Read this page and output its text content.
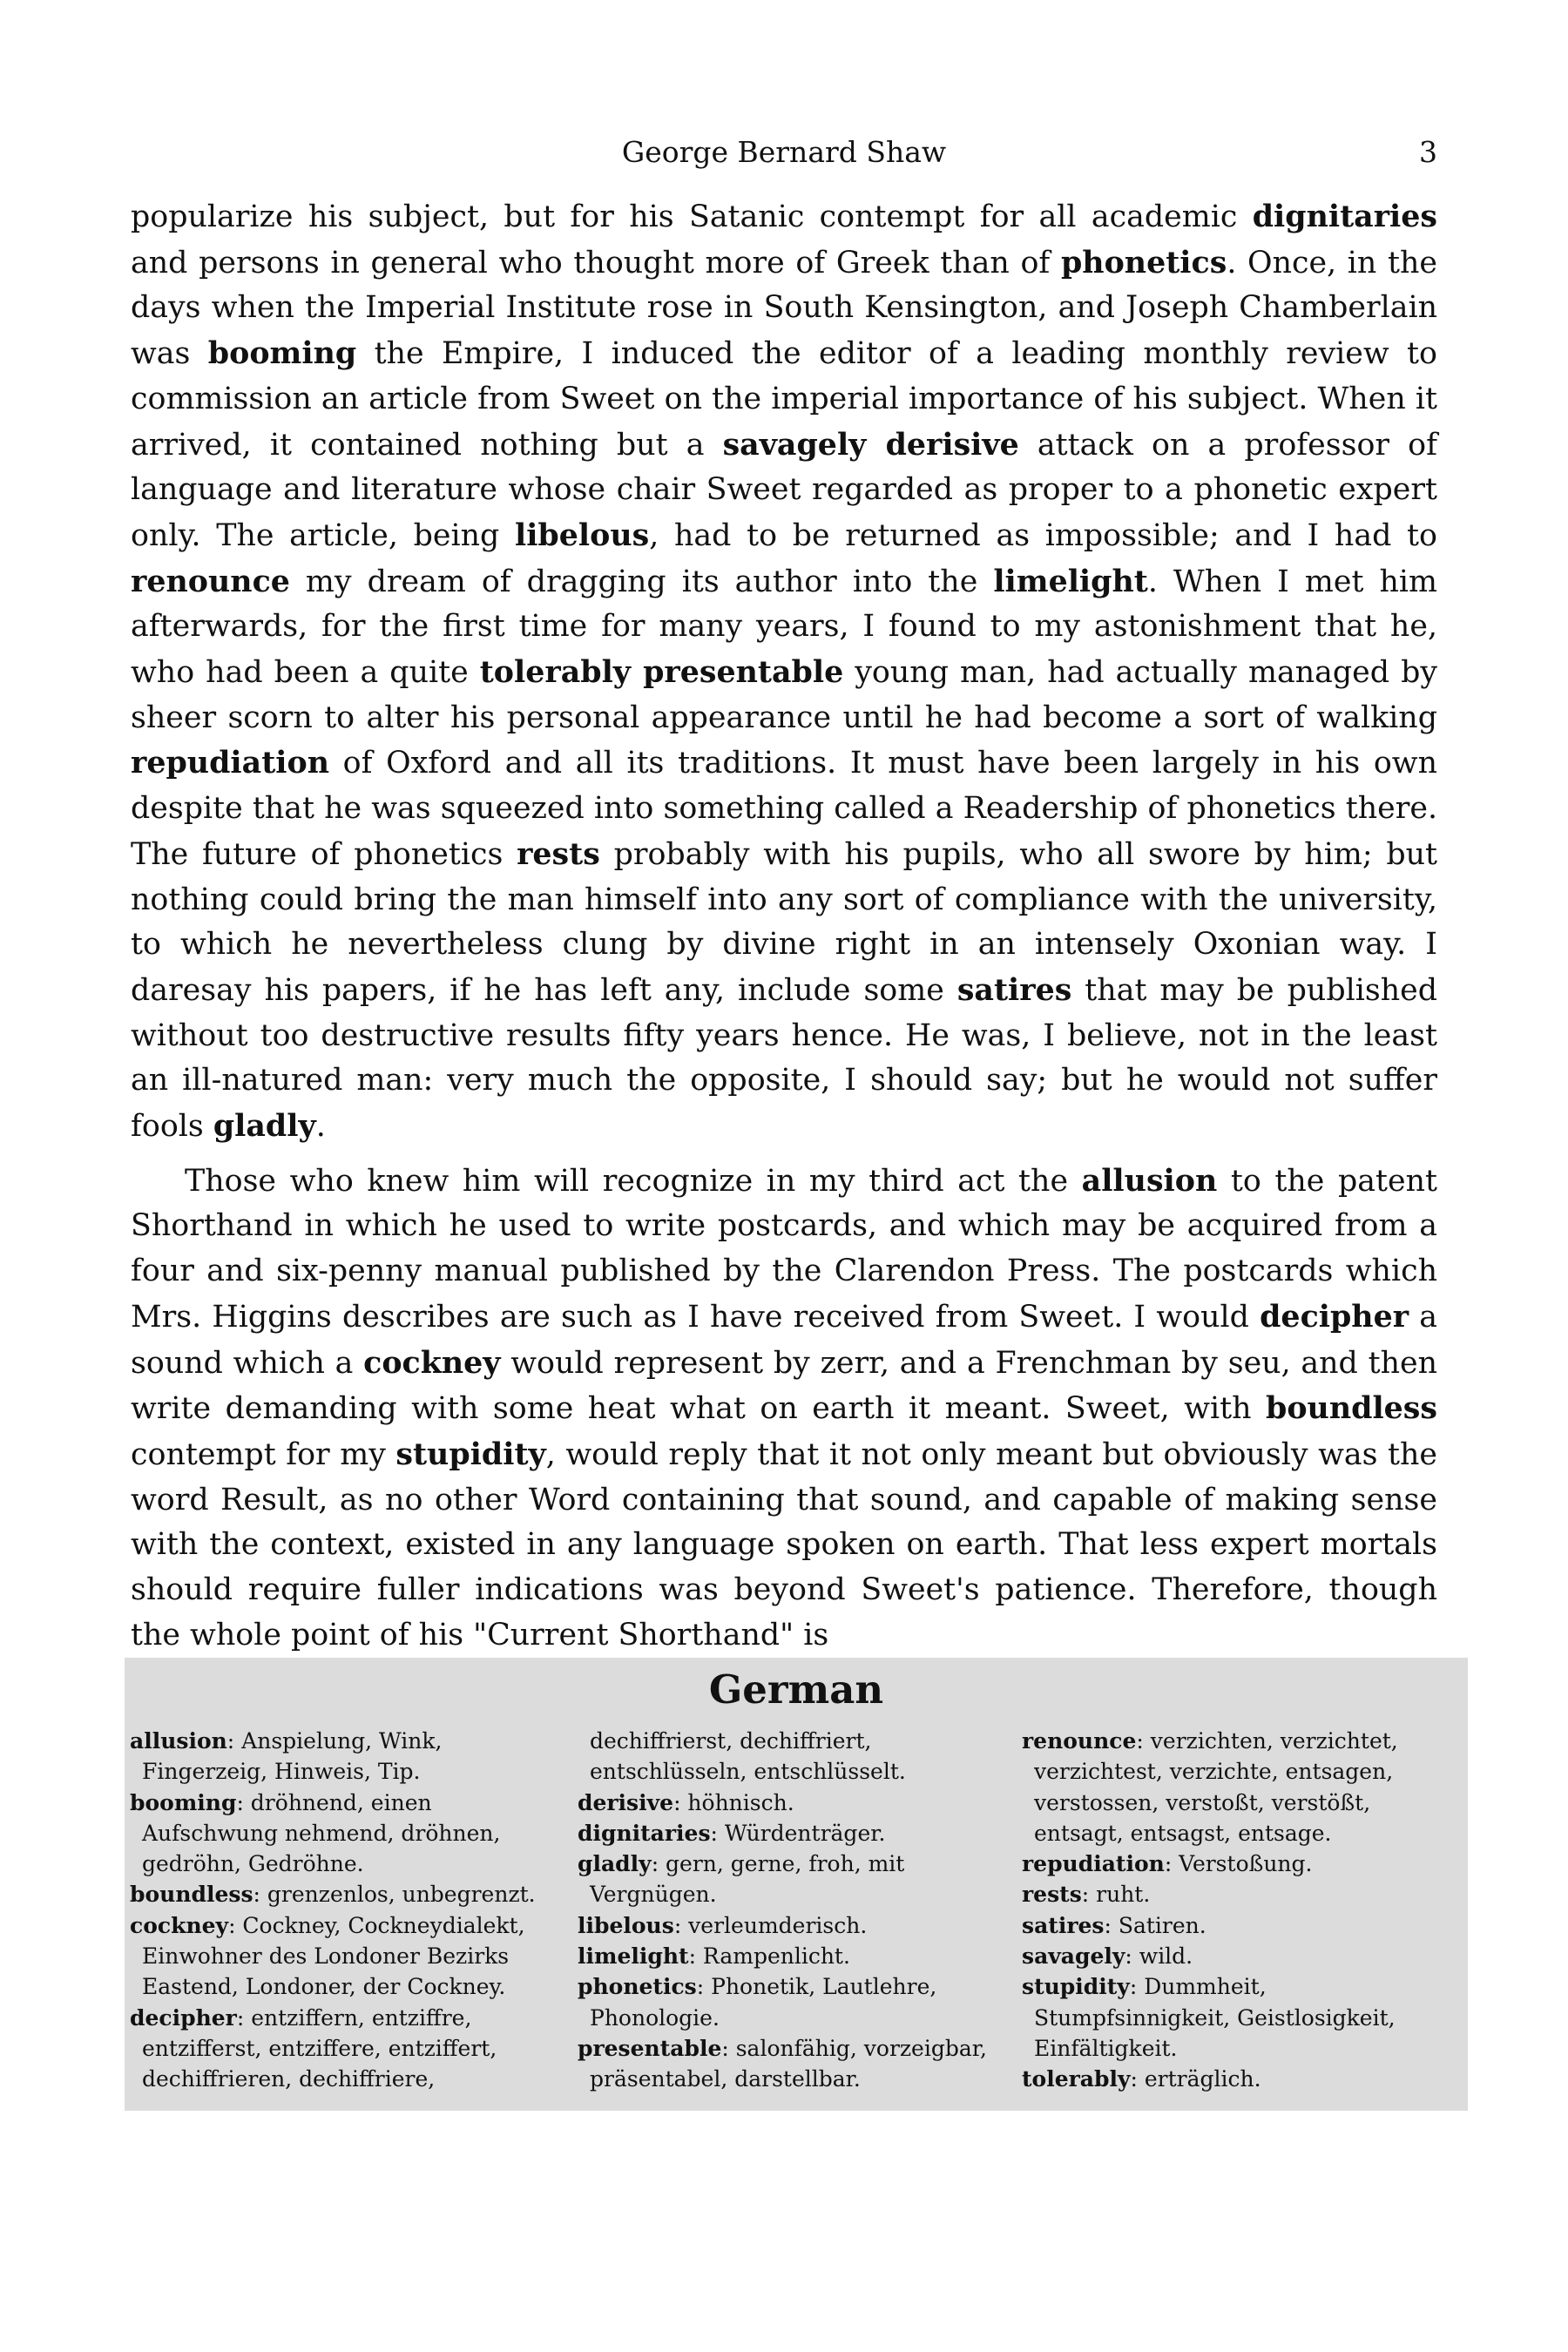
George Bernard Shaw	3

popularize his subject, but for his Satanic contempt for all academic dignitaries and persons in general who thought more of Greek than of phonetics. Once, in the days when the Imperial Institute rose in South Kensington, and Joseph Chamberlain was booming the Empire, I induced the editor of a leading monthly review to commission an article from Sweet on the imperial importance of his subject. When it arrived, it contained nothing but a savagely derisive attack on a professor of language and literature whose chair Sweet regarded as proper to a phonetic expert only. The article, being libelous, had to be returned as impossible; and I had to renounce my dream of dragging its author into the limelight. When I met him afterwards, for the first time for many years, I found to my astonishment that he, who had been a quite tolerably presentable young man, had actually managed by sheer scorn to alter his personal appearance until he had become a sort of walking repudiation of Oxford and all its traditions. It must have been largely in his own despite that he was squeezed into something called a Readership of phonetics there. The future of phonetics rests probably with his pupils, who all swore by him; but nothing could bring the man himself into any sort of compliance with the university, to which he nevertheless clung by divine right in an intensely Oxonian way. I daresay his papers, if he has left any, include some satires that may be published without too destructive results fifty years hence. He was, I believe, not in the least an ill-natured man: very much the opposite, I should say; but he would not suffer fools gladly.

Those who knew him will recognize in my third act the allusion to the patent Shorthand in which he used to write postcards, and which may be acquired from a four and six-penny manual published by the Clarendon Press. The postcards which Mrs. Higgins describes are such as I have received from Sweet. I would decipher a sound which a cockney would represent by zerr, and a Frenchman by seu, and then write demanding with some heat what on earth it meant. Sweet, with boundless contempt for my stupidity, would reply that it not only meant but obviously was the word Result, as no other Word containing that sound, and capable of making sense with the context, existed in any language spoken on earth. That less expert mortals should require fuller indications was beyond Sweet's patience. Therefore, though the whole point of his "Current Shorthand" is

German
allusion: Anspielung, Wink, Fingerzeig, Hinweis, Tip.
booming: dröhnend, einen Aufschwung nehmend, dröhnen, gedröhn, Gedröhne.
boundless: grenzenlos, unbegrenzt.
cockney: Cockney, Cockneydialekt, Einwohner des Londoner Bezirks Eastend, Londoner, der Cockney.
decipher: entziffern, entziffre, entzifferst, entziffere, entziffert, dechiffrieren, dechiffriere,
dechiffrierst, dechiffriert, entschlüsseln, entschlüsselt.
derisive: höhnisch.
dignitaries: Würdenträger.
gladly: gern, gerne, froh, mit Vergnügen.
libelous: verleumderisch.
limelight: Rampenlicht.
phonetics: Phonetik, Lautlehre, Phonologie.
presentable: salonfähig, vorzeigbar, präsentabel, darstellbar.
renounce: verzichten, verzichtet, verzichtest, verzichte, entsagen, verstossen, verstoßt, verstößt, entsagt, entsagst, entsage.
repudiation: Verstoßung.
rests: ruht.
satires: Satiren.
savagely: wild.
stupidity: Dummheit, Stumpfsinnigkeit, Geistlosigkeit, Einfältigkeit.
tolerably: erträglich.
